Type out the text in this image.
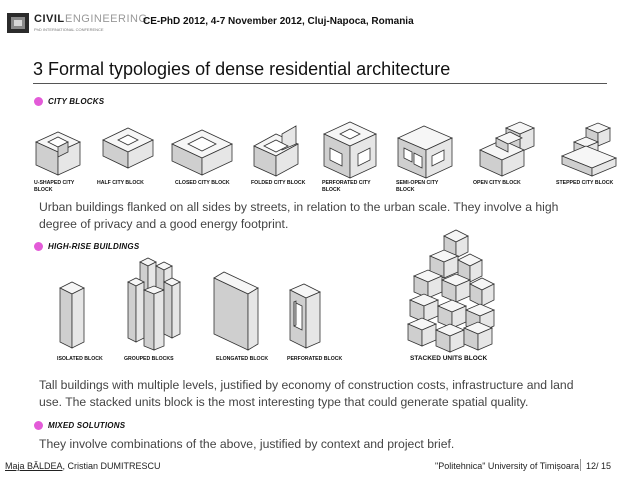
CIVIL ENGINEERING
PhD INTERNATIONAL CONFERENCE
CE-PhD 2012, 4-7 November 2012, Cluj-Napoca, Romania
3 Formal typologies of dense residential architecture
CITY BLOCKS
U-SHAPED CITY BLOCK
HALF CITY BLOCK	CLOSED CITY BLOCK	FOLDED CITY BLOCK	PERFORATED CITY BLOCK
SEMI-OPEN CITY BLOCK
OPEN CITY BLOCK	STEPPED CITY BLOCK
Urban buildings flanked on all sides by streets, in relation to the urban scale. They involve a high degree of privacy and a good energy footprint.
HIGH-RISE BUILDINGS
ISOLATED BLOCK	GROUPED BLOCKS	ELONGATED BLOCK	PERFORATED BLOCK	STACKED UNITS BLOCK
Tall buildings with multiple levels, justified by economy of construction costs, infrastructure and land use. The stacked units block is the most interesting type that could generate spatial quality.
MIXED SOLUTIONS
They involve combinations of the above, justified by context and project brief.
Maja BĂLDEA, Cristian DUMITRESCU	"Politehnica" University of Timișoara 12/ 15
